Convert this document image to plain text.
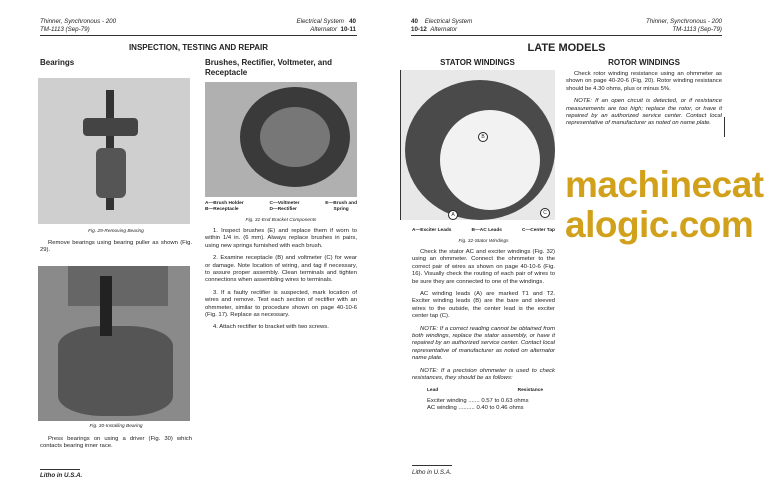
Thinner, Synchronous - 200
TM-1113 (Sep-79)
Electrical System 40
Alternator 10-11
INSPECTION, TESTING AND REPAIR
Bearings
Fig. 29-Removing Bearing
Remove bearings using bearing puller as shown (Fig. 29).
Fig. 30-Installing Bearing
Press bearings on using a driver (Fig. 30) which contacts bearing inner race.
Litho in U.S.A.
Brushes, Rectifier, Voltmeter, and Receptacle
A—Brush Holder
B—Receptacle
C—Voltmeter
D—Rectifier
E—Brush and
Spring
Fig. 31-End Bracket Components
1. Inspect brushes (E) and replace them if worn to within 1/4 in. (6 mm). Always replace brushes in pairs, using new springs furnished with each brush.
2. Examine receptacle (B) and voltmeter (C) for wear or damage. Note location of wiring, and tag if necessary, to assure proper assembly. Clean terminals and tighten connections when assembling wires to terminals.
3. If a faulty rectifier is suspected, mark location of wires and remove. Test each section of rectifier with an ohmmeter, similar to procedure shown on page 40-10-6 (Fig. 17). Replace as necessary.
4. Attach rectifier to bracket with two screws.
40 Electrical System
10-12 Alternator
Thinner, Synchronous - 200
TM-1113 (Sep-79)
LATE MODELS
STATOR WINDINGS	ROTOR WINDINGS
Check rotor winding resistance using an ohmmeter as shown on page 40-20-6 (Fig. 20). Rotor winding resistance should be 4.30 ohms, plus or minus 5%.
NOTE: If an open circuit is detected, or if resistance measurements are too high; replace the rotor, or have it repaired by an authorized service center. Contact local representative of manufacturer as noted on name plate.
B
C
A
A—Exciter Leads	B—AC Leads	C—Center Tap
Fig. 32-Stator Windings
Check the stator AC and exciter windings (Fig. 32) using an ohmmeter. Connect the ohmmeter to the correct pair of wires as shown on page 40-10-6 (Fig. 16). Visually check the routing of each pair of wires to be sure they are connected to one of the windings.
AC winding leads (A) are marked T1 and T2. Exciter winding leads (B) are the bare and sleeved wires to the outside, the center lead is the exciter center tap (C).
NOTE: If a correct reading cannot be obtained from both windings, replace the stator assembly, or have it repaired by an authorized service center. Contact local representative of manufacturer as noted on alternator name plate.
NOTE: If a precision ohmmeter is used to check resistances, they should be as follows:
Lead	Resistance
Exciter winding ....... 0.57 to 0.63 ohms
AC winding .......... 0.40 to 0.46 ohms
Litho in U.S.A.
machinecatalogic.com
